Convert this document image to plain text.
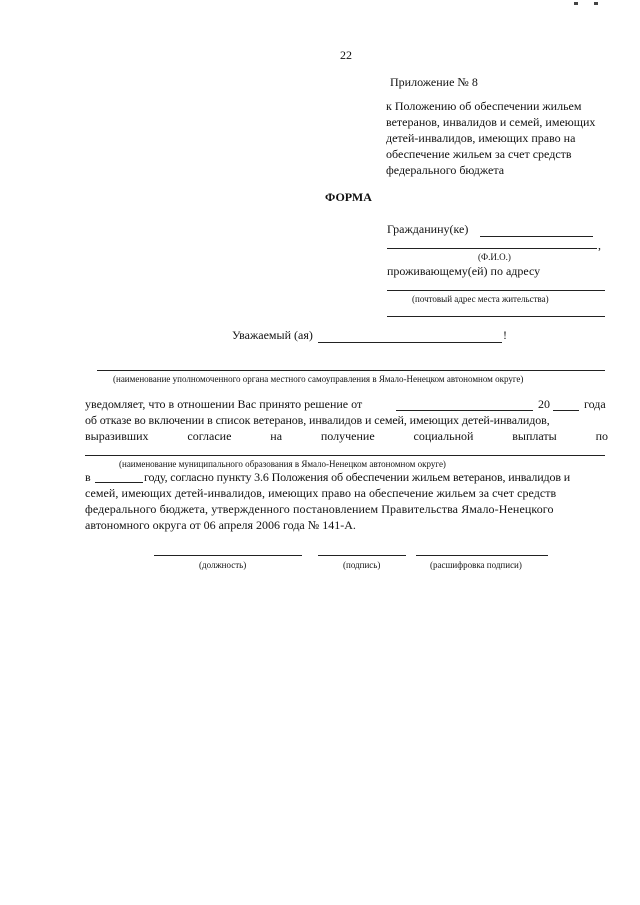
22
Приложение № 8
к Положению об обеспечении жильем
ветеранов, инвалидов и семей, имеющих
детей-инвалидов, имеющих право на
обеспечение жильем за счет средств
федерального бюджета
ФОРМА
Гражданину(ке)
,
(Ф.И.О.)
проживающему(ей) по адресу
(почтовый адрес места жительства)
Уважаемый (ая)	!
(наименование уполномоченного органа местного самоуправления в Ямало-Ненецком автономном округе)
уведомляет, что в отношении Вас принято решение от	20	года
об отказе во включении в список ветеранов, инвалидов и семей, имеющих детей-инвалидов,
выразивших	согласие	на	получение	социальной	выплаты	по
(наименование муниципального образования в Ямало-Ненецком автономном округе)
в	году, согласно пункту 3.6 Положения об обеспечении жильем ветеранов, инвалидов и
семей, имеющих детей-инвалидов, имеющих право на обеспечение жильем за счет средств
федерального бюджета, утвержденного постановлением Правительства Ямало-Ненецкого
автономного округа от 06 апреля 2006 года № 141-А.
(должность)	(подпись)	(расшифровка подписи)
